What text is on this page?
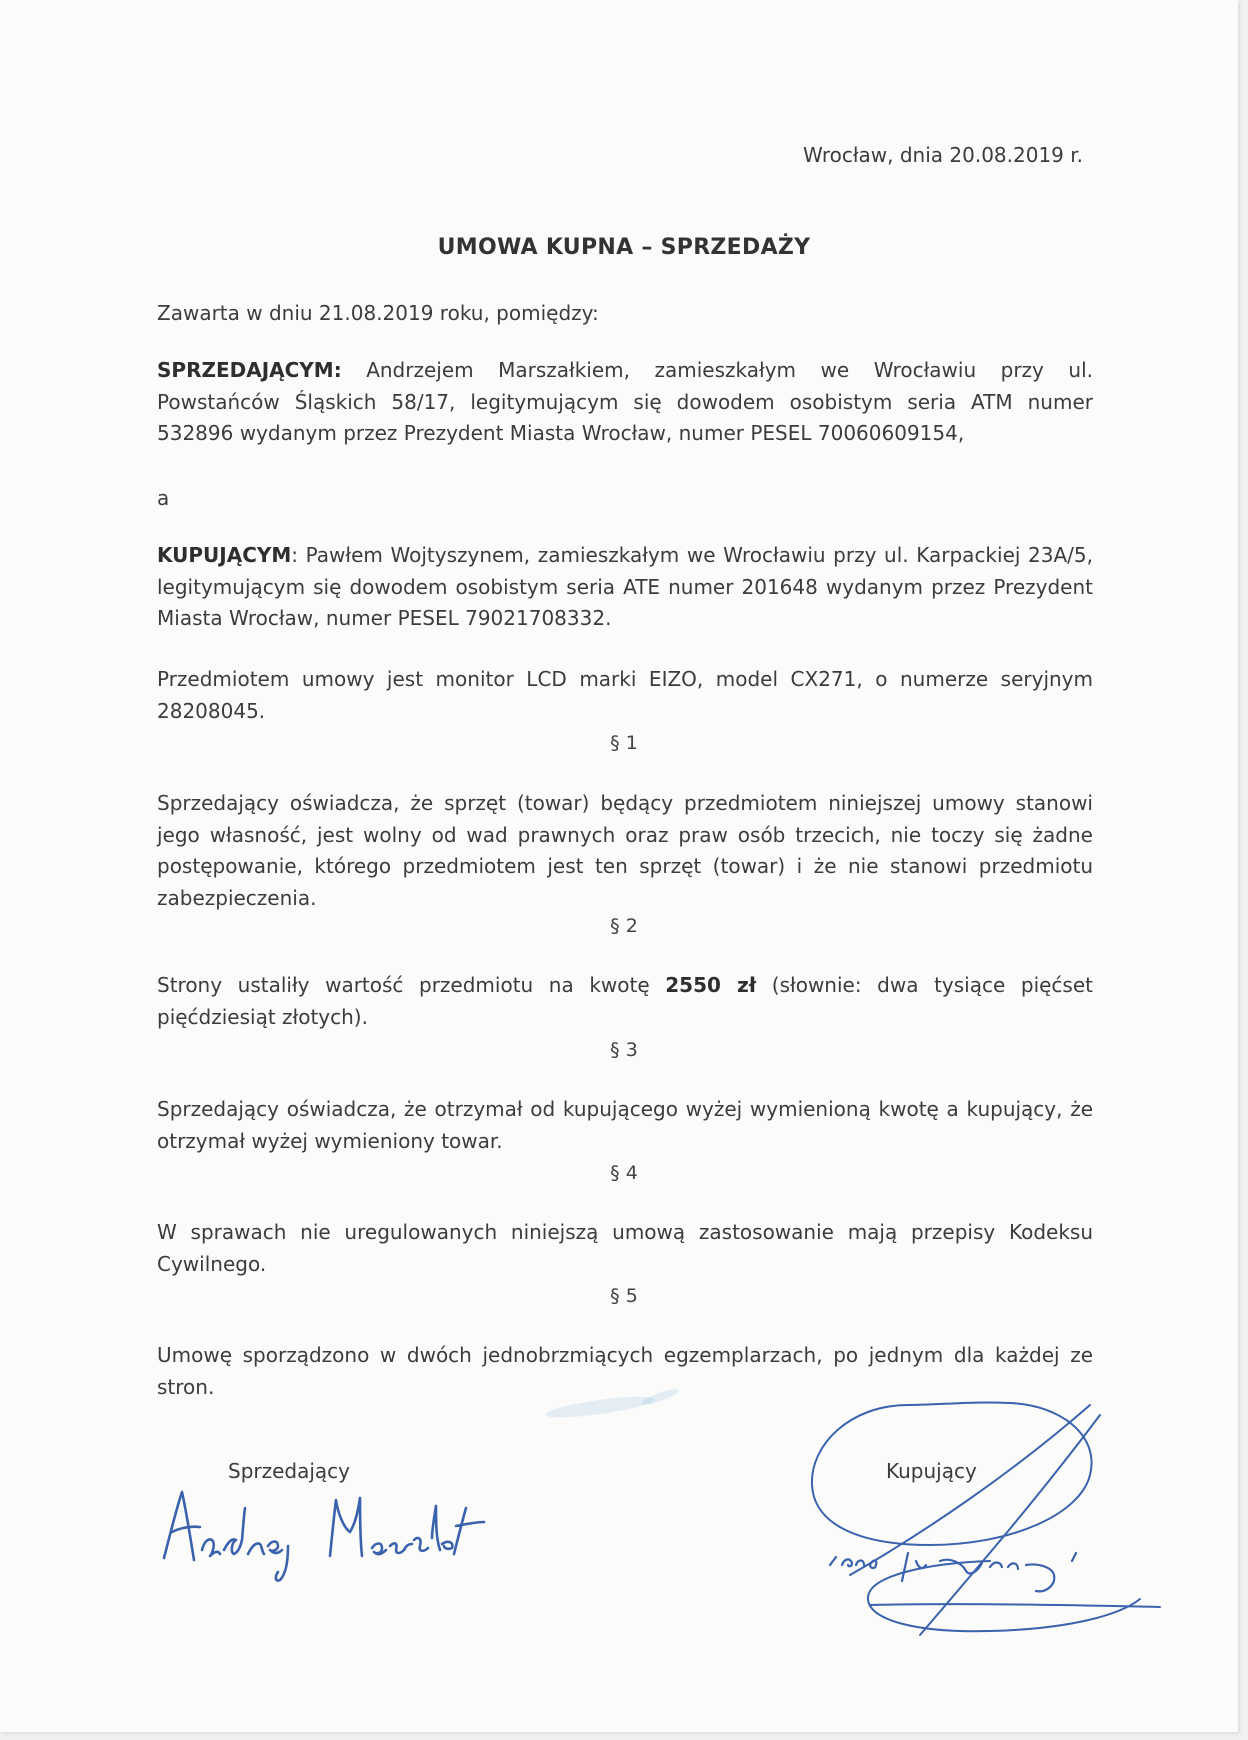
Wrocław, dnia 20.08.2019 r.

UMOWA KUPNA – SPRZEDAŻY

Zawarta w dniu 21.08.2019 roku, pomiędzy:

SPRZEDAJĄCYM: Andrzejem Marszałkiem, zamieszkałym we Wrocławiu przy ul. Powstańców Śląskich 58/17, legitymującym się dowodem osobistym seria ATM numer 532896 wydanym przez Prezydent Miasta Wrocław, numer PESEL 70060609154,

a

KUPUJĄCYM: Pawłem Wojtyszynem, zamieszkałym we Wrocławiu przy ul. Karpackiej 23A/5, legitymującym się dowodem osobistym seria ATE numer 201648 wydanym przez Prezydent Miasta Wrocław, numer PESEL 79021708332.

Przedmiotem umowy jest monitor LCD marki EIZO, model CX271, o numerze seryjnym 28208045.

§ 1

Sprzedający oświadcza, że sprzęt (towar) będący przedmiotem niniejszej umowy stanowi jego własność, jest wolny od wad prawnych oraz praw osób trzecich, nie toczy się żadne postępowanie, którego przedmiotem jest ten sprzęt (towar) i że nie stanowi przedmiotu zabezpieczenia.

§ 2

Strony ustaliły wartość przedmiotu na kwotę 2550 zł (słownie: dwa tysiące pięćset pięćdziesiąt złotych).

§ 3

Sprzedający oświadcza, że otrzymał od kupującego wyżej wymienioną kwotę a kupujący, że otrzymał wyżej wymieniony towar.

§ 4

W sprawach nie uregulowanych niniejszą umową zastosowanie mają przepisy Kodeksu Cywilnego.

§ 5

Umowę sporządzono w dwóch jednobrzmiących egzemplarzach, po jednym dla każdej ze stron.

Sprzedający	Kupujący
